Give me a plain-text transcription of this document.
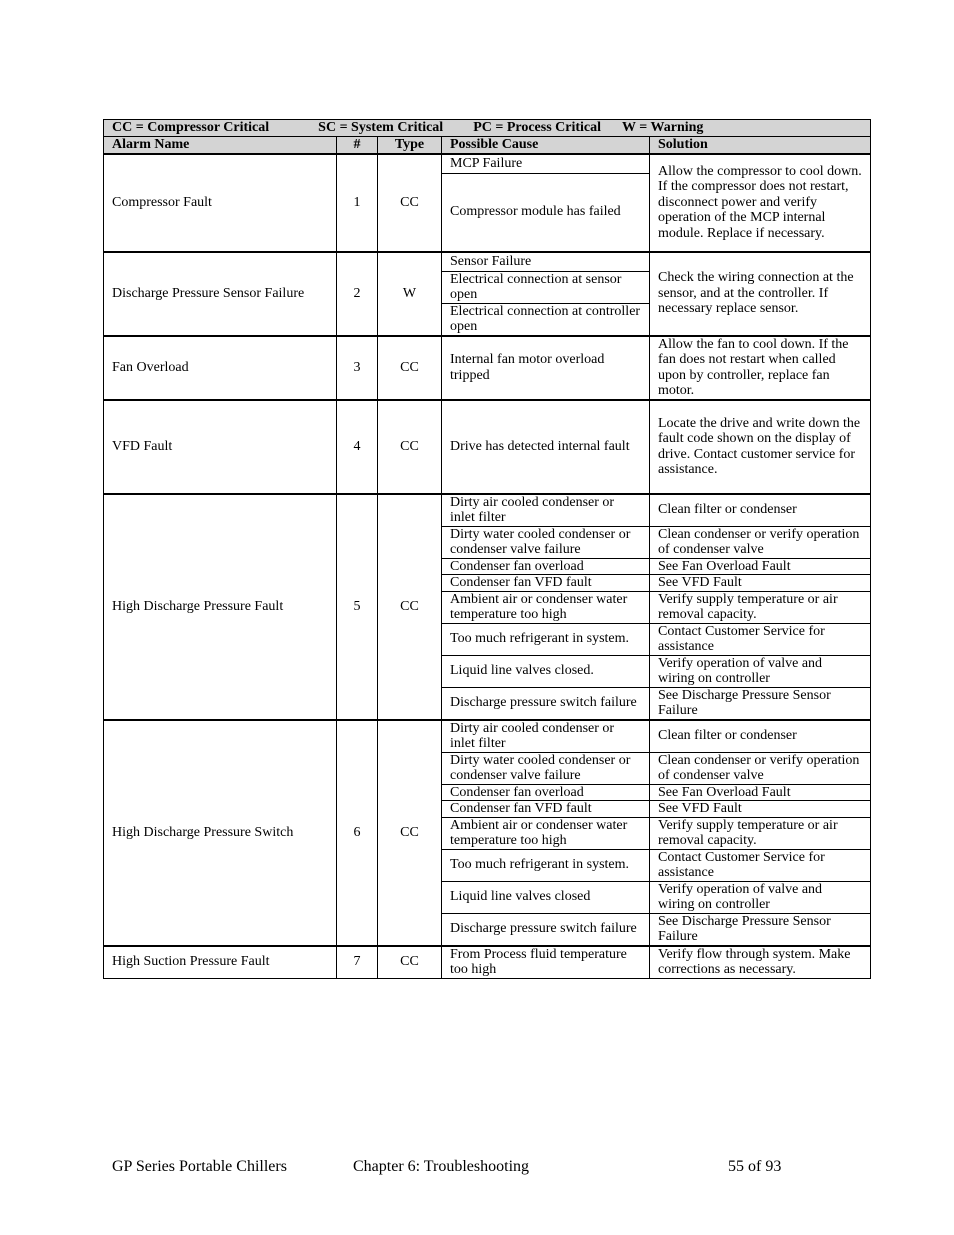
CC = Compressor Critical SC = System Critical PC = Process Critical W = Warning				
Alarm Name	#	Type	Possible Cause	Solution
Compressor Fault	1	CC	MCP Failure	Allow the compressor to cool down. If the compressor does not restart, disconnect power and verify operation of the MCP internal module. Replace if necessary.
			Compressor module has failed	
Discharge Pressure Sensor Failure	2	W	Sensor Failure	Check the wiring connection at the sensor, and at the controller. If necessary replace sensor.
			Electrical connection at sensor open	
			Electrical connection at controller open	
Fan Overload	3	CC	Internal fan motor overload tripped	Allow the fan to cool down. If the fan does not restart when called upon by controller, replace fan motor.
VFD Fault	4	CC	Drive has detected internal fault	Locate the drive and write down the fault code shown on the display of drive. Contact customer service for assistance.
High Discharge Pressure Fault	5	CC	Dirty air cooled condenser or inlet filter	Clean filter or condenser
			Dirty water cooled condenser or condenser valve failure	Clean condenser or verify operation of condenser valve
			Condenser fan overload	See Fan Overload Fault
			Condenser fan VFD fault	See VFD Fault
			Ambient air or condenser water temperature too high	Verify supply temperature or air removal capacity.
			Too much refrigerant in system.	Contact Customer Service for assistance
			Liquid line valves closed.	Verify operation of valve and wiring on controller
			Discharge pressure switch failure	See Discharge Pressure Sensor Failure
High Discharge Pressure Switch	6	CC	Dirty air cooled condenser or inlet filter	Clean filter or condenser
			Dirty water cooled condenser or condenser valve failure	Clean condenser or verify operation of condenser valve
			Condenser fan overload	See Fan Overload Fault
			Condenser fan VFD fault	See VFD Fault
			Ambient air or condenser water temperature too high	Verify supply temperature or air removal capacity.
			Too much refrigerant in system.	Contact Customer Service for assistance
			Liquid line valves closed	Verify operation of valve and wiring on controller
			Discharge pressure switch failure	See Discharge Pressure Sensor Failure
High Suction Pressure Fault	7	CC	From Process fluid temperature too high	Verify flow through system. Make corrections as necessary.
GP Series Portable Chillers	Chapter 6: Troubleshooting	55 of 93
